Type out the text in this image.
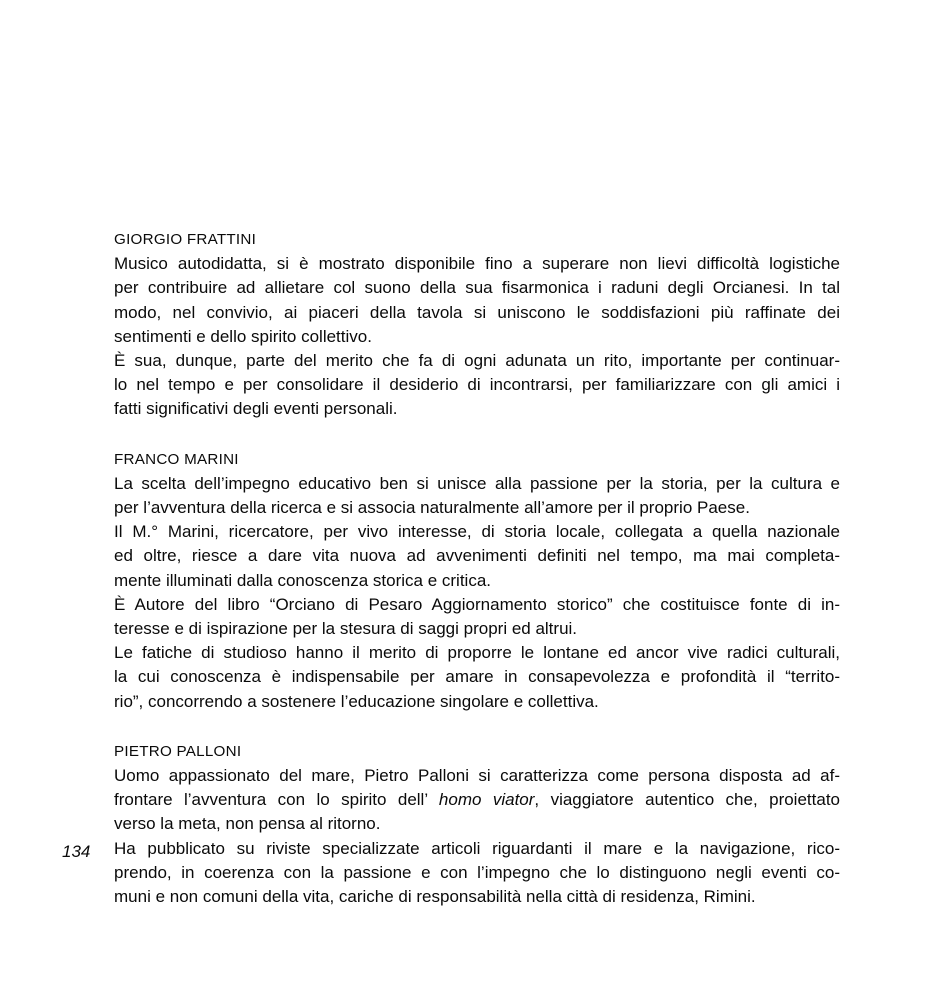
GIORGIO FRATTINI

Musico autodidatta, si è mostrato disponibile fino a superare non lievi difficoltà logistiche
per contribuire ad allietare col suono della sua fisarmonica i raduni degli Orcianesi. In tal
modo, nel convivio, ai piaceri della tavola si uniscono le soddisfazioni più raffinate dei
sentimenti e dello spirito collettivo.

È sua, dunque, parte del merito che fa di ogni adunata un rito, importante per continuar-
lo nel tempo e per consolidare il desiderio di incontrarsi, per familiarizzare con gli amici i
fatti significativi degli eventi personali.

FRANCO MARINI

La scelta dell’impegno educativo ben si unisce alla passione per la storia, per la cultura e
per l’avventura della ricerca e si associa naturalmente all’amore per il proprio Paese.

Il M.° Marini, ricercatore, per vivo interesse, di storia locale, collegata a quella nazionale
ed oltre, riesce a dare vita nuova ad avvenimenti definiti nel tempo, ma mai completa-
mente illuminati dalla conoscenza storica e critica.

È Autore del libro “Orciano di Pesaro Aggiornamento storico” che costituisce fonte di in-
teresse e di ispirazione per la stesura di saggi propri ed altrui.

Le fatiche di studioso hanno il merito di proporre le lontane ed ancor vive radici culturali,
la cui conoscenza è indispensabile per amare in consapevolezza e profondità il “territo-
rio”, concorrendo a sostenere l’educazione singolare e collettiva.

PIETRO PALLONI

Uomo appassionato del mare, Pietro Palloni si caratterizza come persona disposta ad af-
frontare l’avventura con lo spirito dell’ homo viator, viaggiatore autentico che, proiettato
verso la meta, non pensa al ritorno.

Ha pubblicato su riviste specializzate articoli riguardanti il mare e la navigazione, rico-
prendo, in coerenza con la passione e con l’impegno che lo distinguono negli eventi co-
muni e non comuni della vita, cariche di responsabilità nella città di residenza, Rimini.

134
